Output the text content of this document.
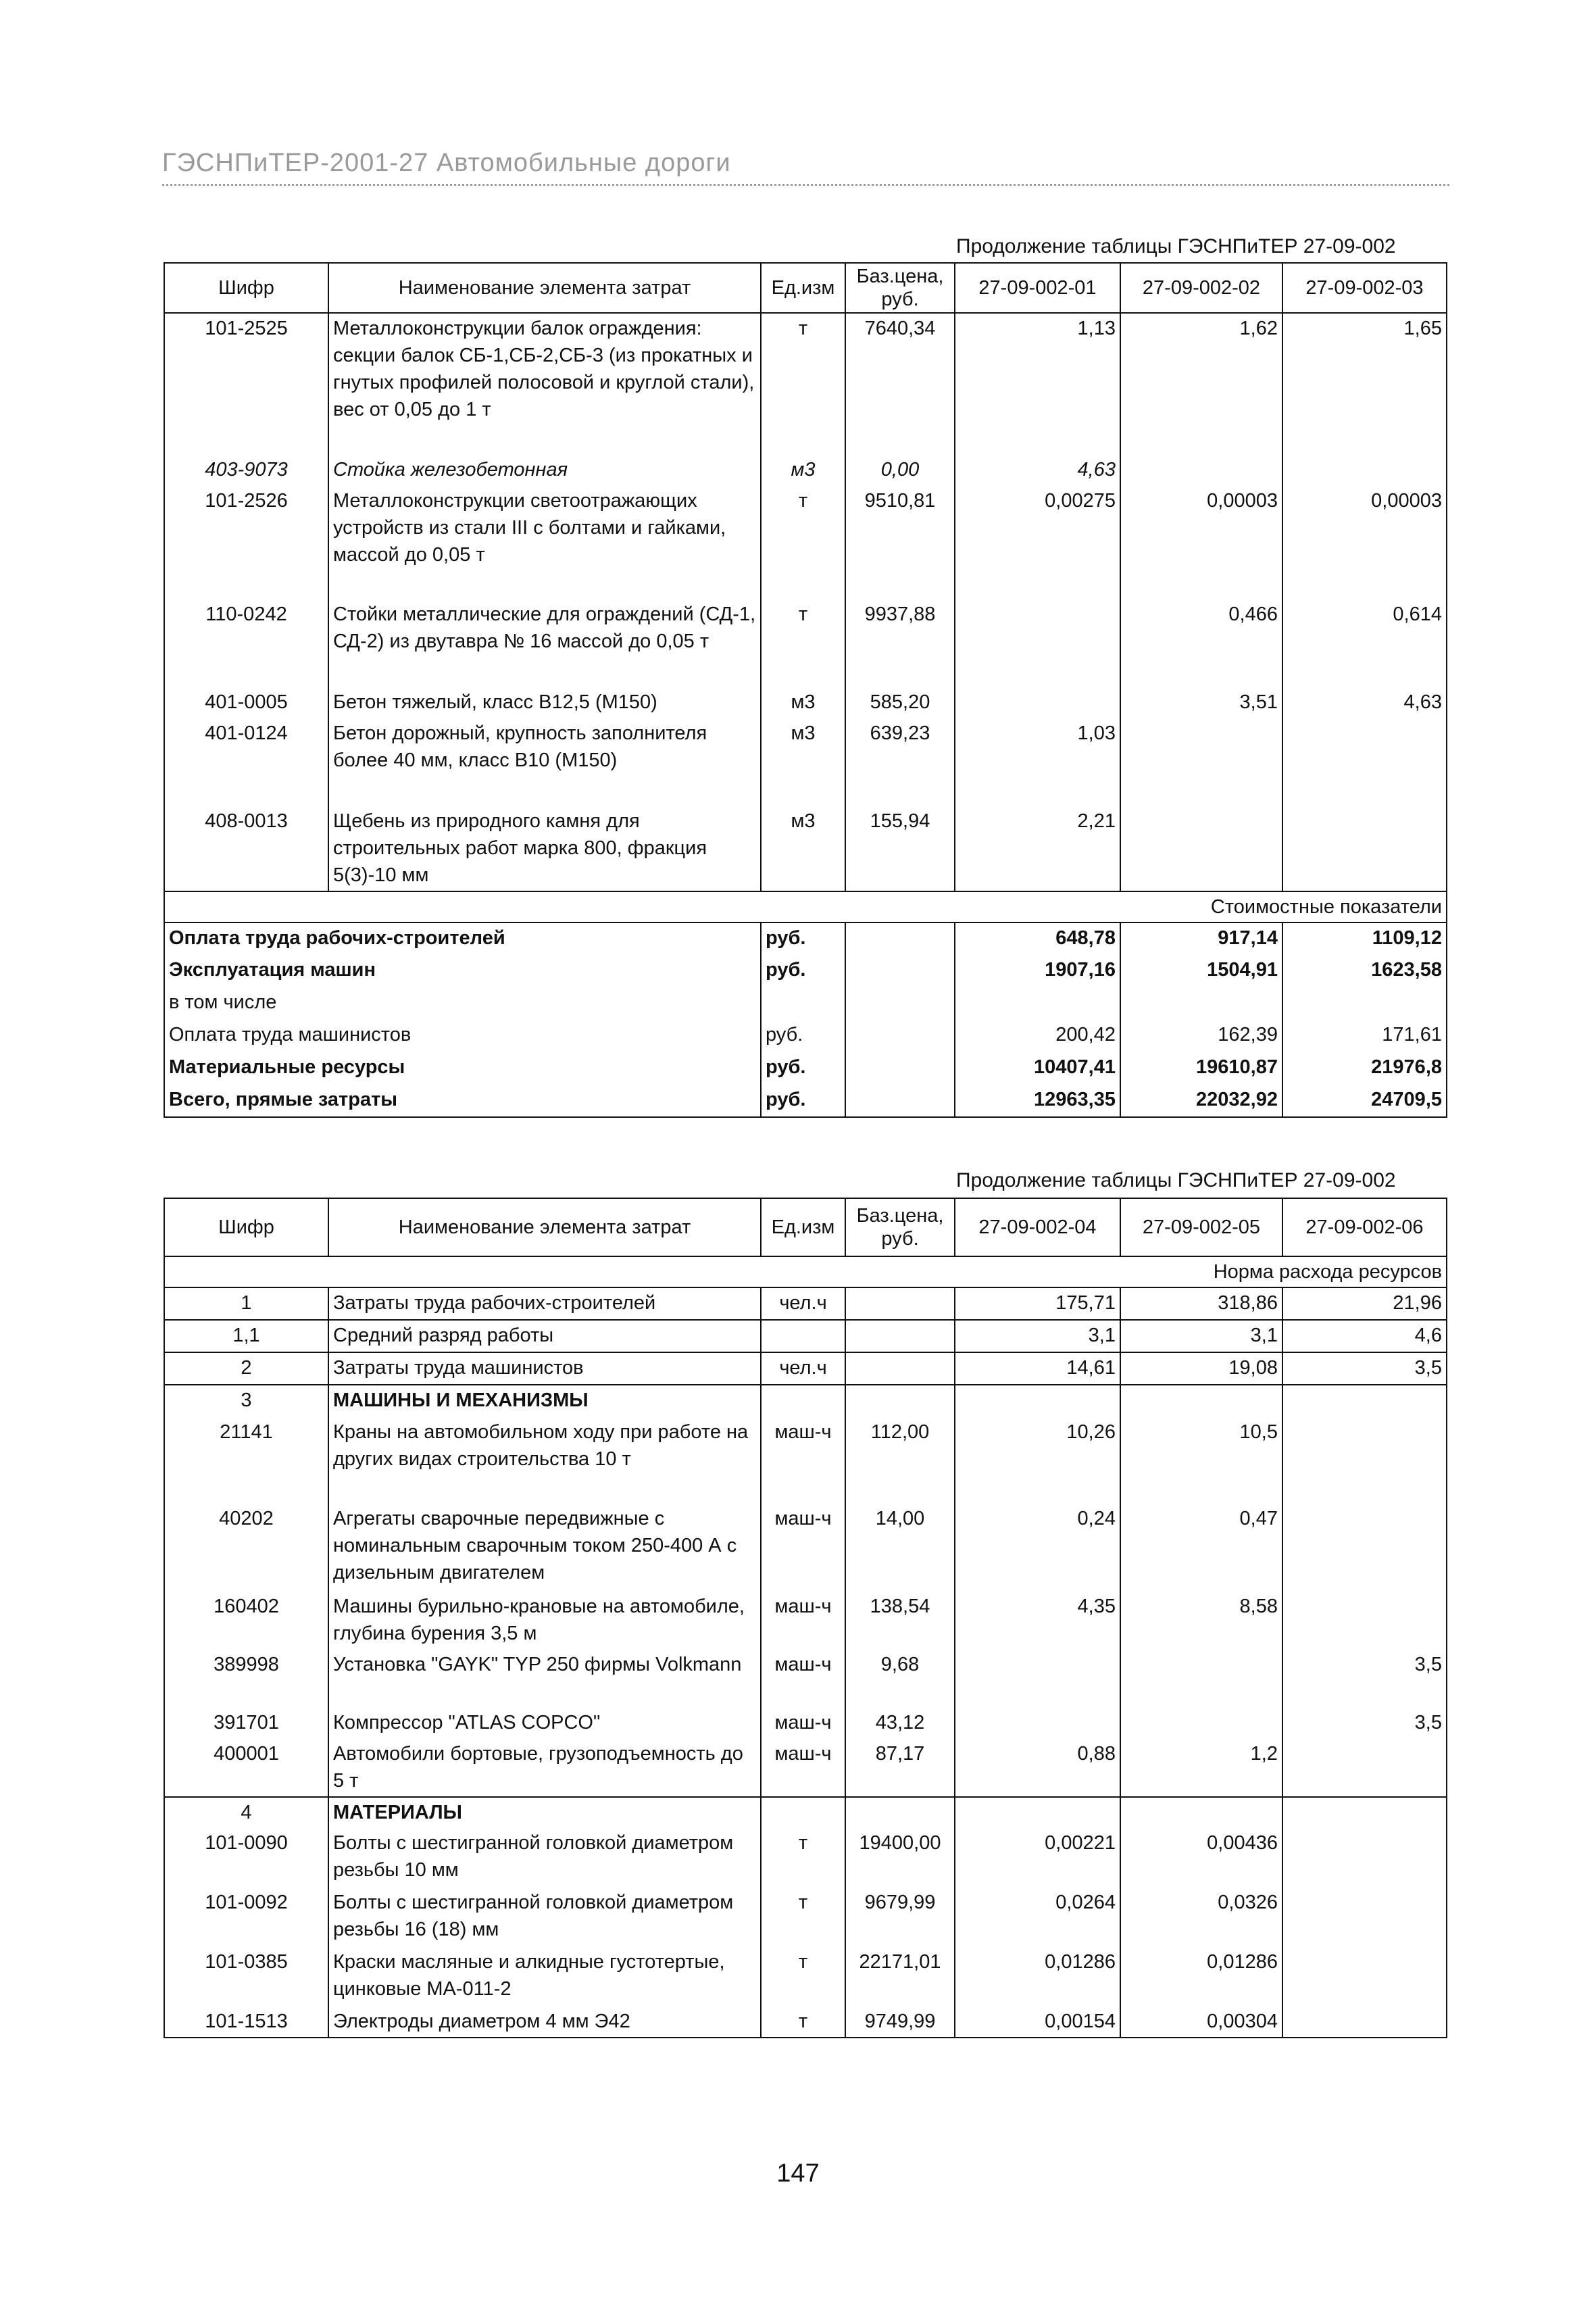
ГЭСНПиТЕР-2001-27 Автомобильные дороги
Продолжение таблицы ГЭСНПиТЕР 27-09-002
Шифр	Наименование элемента затрат	Ед.изм	Баз.цена, руб.	27-09-002-01	27-09-002-02	27-09-002-03
101-2525	Металлоконструкции балок ограждения: секции балок СБ-1,СБ-2,СБ-3 (из прокатных и гнутых профилей полосовой и круглой стали), вес от 0,05 до 1 т	т	7640,34	1,13	1,62	1,65
403-9073	Стойка железобетонная	м3	0,00	4,63		
101-2526	Металлоконструкции светоотражающих устройств из стали III с болтами и гайками, массой до 0,05 т	т	9510,81	0,00275	0,00003	0,00003
110-0242	Стойки металлические для ограждений (СД-1, СД-2) из двутавра № 16 массой до 0,05 т	т	9937,88		0,466	0,614
401-0005	Бетон тяжелый, класс В12,5 (М150)	м3	585,20		3,51	4,63
401-0124	Бетон дорожный, крупность заполнителя более 40 мм, класс В10 (М150)	м3	639,23	1,03		
408-0013	Щебень из природного камня для строительных работ марка 800, фракция 5(3)-10 мм	м3	155,94	2,21		
Стоимостные показатели						
Оплата труда рабочих-строителей		руб.		648,78	917,14	1109,12
Эксплуатация машин		руб.		1907,16	1504,91	1623,58
в том числе						
Оплата труда машинистов		руб.		200,42	162,39	171,61
Материальные ресурсы		руб.		10407,41	19610,87	21976,8
Всего, прямые затраты		руб.		12963,35	22032,92	24709,5
Продолжение таблицы ГЭСНПиТЕР 27-09-002
Шифр	Наименование элемента затрат	Ед.изм	Баз.цена, руб.	27-09-002-04	27-09-002-05	27-09-002-06
Норма расхода ресурсов						
1	Затраты труда рабочих-строителей	чел.ч		175,71	318,86	21,96
1,1	Средний разряд работы			3,1	3,1	4,6
2	Затраты труда машинистов	чел.ч		14,61	19,08	3,5
3	МАШИНЫ И МЕХАНИЗМЫ					
21141	Краны на автомобильном ходу при работе на других видах строительства 10 т	маш-ч	112,00	10,26	10,5	
40202	Агрегаты сварочные передвижные с номинальным сварочным током 250-400 А с дизельным двигателем	маш-ч	14,00	0,24	0,47	
160402	Машины бурильно-крановые на автомобиле, глубина бурения 3,5 м	маш-ч	138,54	4,35	8,58	
389998	Установка "GAYK" TYP 250 фирмы Volkmann	маш-ч	9,68			3,5
391701	Компрессор "ATLAS COPCO"	маш-ч	43,12			3,5
400001	Автомобили бортовые, грузоподъемность до 5 т	маш-ч	87,17	0,88	1,2	
4	МАТЕРИАЛЫ					
101-0090	Болты с шестигранной головкой диаметром резьбы 10 мм	т	19400,00	0,00221	0,00436	
101-0092	Болты с шестигранной головкой диаметром резьбы 16 (18) мм	т	9679,99	0,0264	0,0326	
101-0385	Краски масляные и алкидные густотертые, цинковые МА-011-2	т	22171,01	0,01286	0,01286	
101-1513	Электроды диаметром 4 мм Э42	т	9749,99	0,00154	0,00304	
147
